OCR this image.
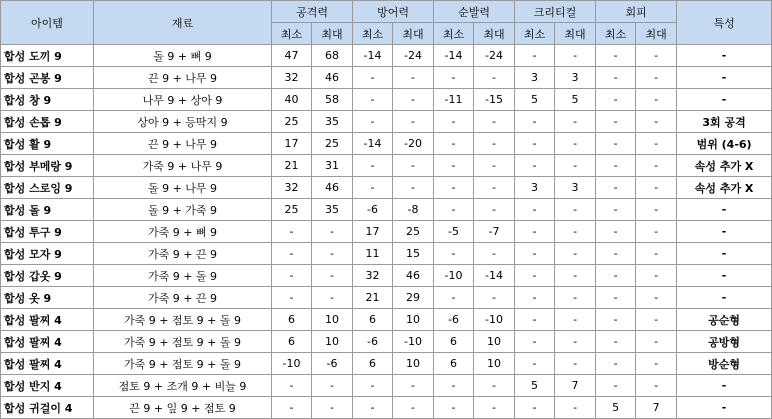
아이템	재료	공격력		방어력		순발력		크리티컬		회피		특성
		최소	최대	최소	최대	최소	최대	최소	최대	최소	최대	
합성 도끼 9	돌 9 + 뼈 9	47	68	-14	-24	-14	-24	-	-	-	-	-
합성 곤봉 9	끈 9 + 나무 9	32	46	-	-	-	-	3	3	-	-	-
합성 창 9	나무 9 + 상아 9	40	58	-	-	-11	-15	5	5	-	-	-
합성 손톱 9	상아 9 + 등딱지 9	25	35	-	-	-	-	-	-	-	-	3회 공격
합성 활 9	끈 9 + 나무 9	17	25	-14	-20	-	-	-	-	-	-	범위 (4-6)
합성 부메랑 9	가죽 9 + 나무 9	21	31	-	-	-	-	-	-	-	-	속성 추가 X
합성 스로잉 9	돌 9 + 나무 9	32	46	-	-	-	-	3	3	-	-	속성 추가 X
합성 돌 9	돌 9 + 가죽 9	25	35	-6	-8	-	-	-	-	-	-	-
합성 투구 9	가죽 9 + 뼈 9	-	-	17	25	-5	-7	-	-	-	-	-
합성 모자 9	가죽 9 + 끈 9	-	-	11	15	-	-	-	-	-	-	-
합성 갑옷 9	가죽 9 + 돌 9	-	-	32	46	-10	-14	-	-	-	-	-
합성 옷 9	가죽 9 + 끈 9	-	-	21	29	-	-	-	-	-	-	-
합성 팔찌 4	가죽 9 + 점토 9 + 돌 9	6	10	6	10	-6	-10	-	-	-	-	공순형
합성 팔찌 4	가죽 9 + 점토 9 + 돌 9	6	10	-6	-10	6	10	-	-	-	-	공방형
합성 팔찌 4	가죽 9 + 점토 9 + 돌 9	-10	-6	6	10	6	10	-	-	-	-	방순형
합성 반지 4	점토 9 + 조개 9 + 비늘 9	-	-	-	-	-	-	5	7	-	-	-
합성 귀걸이 4	끈 9 + 잎 9 + 점토 9	-	-	-	-	-	-	-	-	5	7	-
